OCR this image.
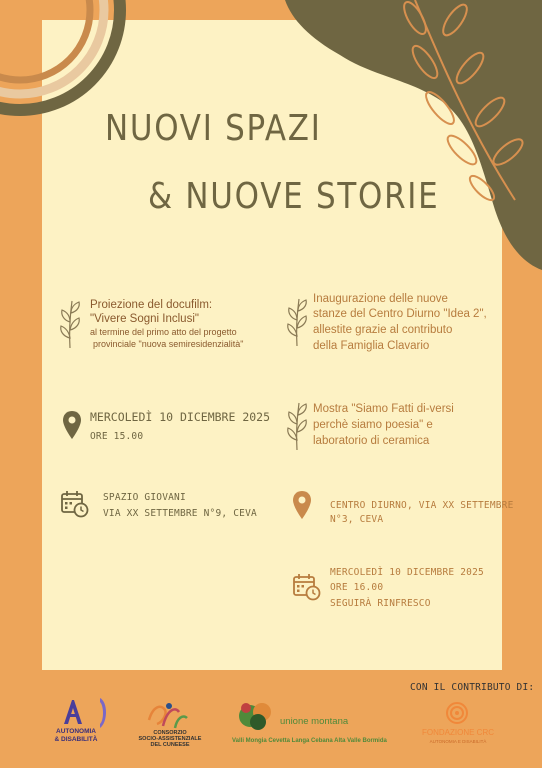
NUOVI SPAZI
& NUOVE STORIE
Proiezione del docufilm:
"Vivere Sogni Inclusi"
al termine del primo atto del progetto
provinciale "nuova semiresidenzialità"
Inaugurazione delle nuove
stanze del Centro Diurno "Idea 2",
allestite grazie al contributo
della Famiglia Clavario
Mostra "Siamo Fatti di-versi
perchè siamo poesia" e
laboratorio di ceramica
MERCOLEDÌ 10 DICEMBRE 2025
ORE 15.00
SPAZIO GIOVANI
VIA XX SETTEMBRE N°9, CEVA
CENTRO DIURNO, VIA XX SETTEMBRE N°3, CEVA
MERCOLEDÌ 10 DICEMBRE 2025
ORE 16.00
SEGUIRÀ RINFRESCO
CON IL CONTRIBUTO DI:
AUTONOMIA
& DISABILITÀ
CONSORZIO
SOCIO-ASSISTENZIALE
DEL CUNEESE
unione montana
Valli Mongia Cevetta Langa Cebana Alta Valle Bormida
FONDAZIONE CRC
AUTONOMIA E DISABILITÀ
